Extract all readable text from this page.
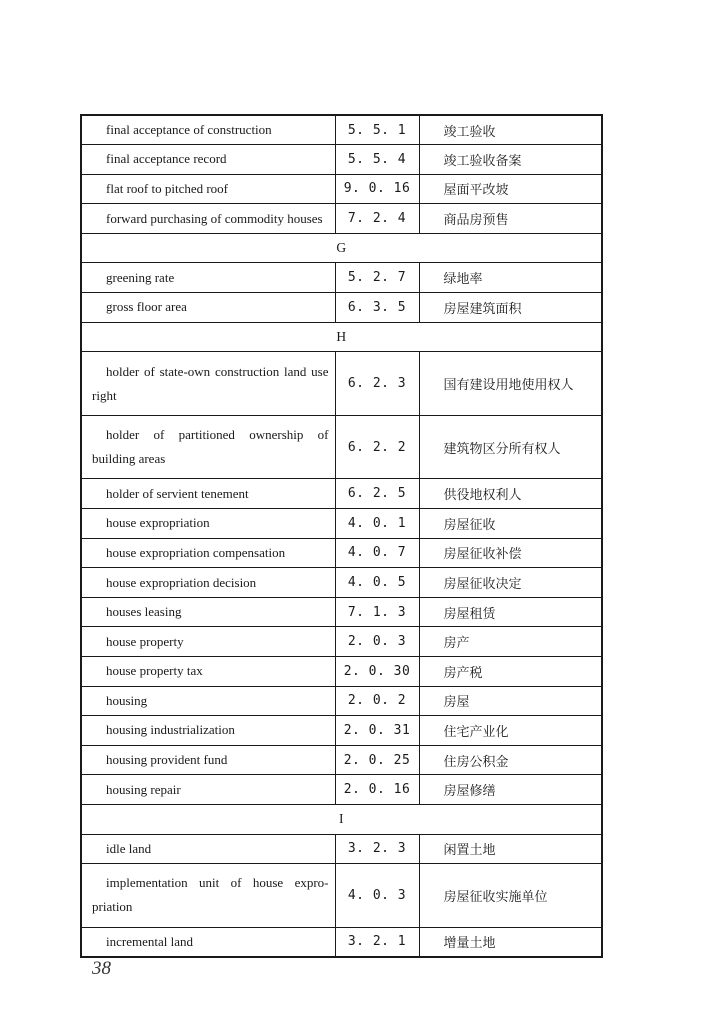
final acceptance of construction	5. 5. 1	竣工验收
final acceptance record	5. 5. 4	竣工验收备案
flat roof to pitched roof	9. 0. 16	屋面平改坡
forward purchasing of commodity houses	7. 2. 4	商品房预售
G		
greening rate	5. 2. 7	绿地率
gross floor area	6. 3. 5	房屋建筑面积
H		
holder of state-own construction land use right	6. 2. 3	国有建设用地使用权人
holder of partitioned ownership of building areas	6. 2. 2	建筑物区分所有权人
holder of servient tenement	6. 2. 5	供役地权利人
house expropriation	4. 0. 1	房屋征收
house expropriation compensation	4. 0. 7	房屋征收补偿
house expropriation decision	4. 0. 5	房屋征收决定
houses leasing	7. 1. 3	房屋租赁
house property	2. 0. 3	房产
house property tax	2. 0. 30	房产税
housing	2. 0. 2	房屋
housing industrialization	2. 0. 31	住宅产业化
housing provident fund	2. 0. 25	住房公积金
housing repair	2. 0. 16	房屋修缮
I		
idle land	3. 2. 3	闲置土地
implementation unit of house expro-priation	4. 0. 3	房屋征收实施单位
incremental land	3. 2. 1	增量土地
38
